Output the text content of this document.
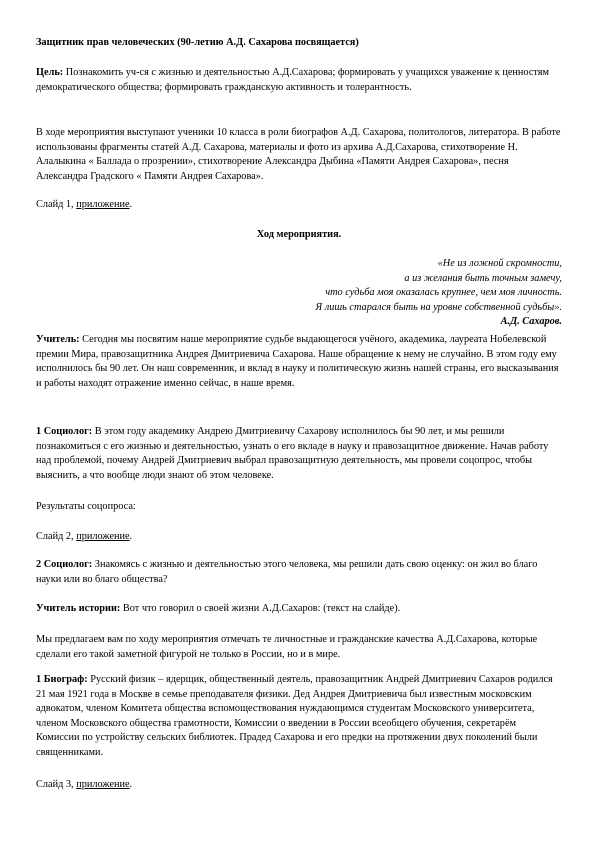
Защитник прав человеческих (90-летию А.Д. Сахарова посвящается)

Цель: Познакомить уч-ся с жизнью и деятельностью А.Д.Сахарова; формировать у учащихся уважение к ценностям демократического общества; формировать гражданскую активность и толерантность.

В ходе мероприятия выступают ученики 10 класса в роли биографов А.Д. Сахарова, политологов, литератора. В работе использованы фрагменты статей А.Д. Сахарова, материалы и фото из архива А.Д.Сахарова, стихотворение Н. Алалыкина « Баллада о прозрении», стихотворение Александра Дыбина «Памяти Андрея Сахарова», песня Александра Градского « Памяти Андрея Сахарова».

Слайд 1, приложение.

Ход мероприятия.

«Не из ложной скромности,
а из желания быть точным замечу,
что судьба моя оказалась крупнее, чем моя личность.
Я лишь старался быть на уровне собственной судьбы».
А.Д. Сахаров.

Учитель: Сегодня мы посвятим наше мероприятие судьбе выдающегося учёного, академика, лауреата Нобелевской премии Мира, правозащитника Андрея Дмитриевича Сахарова. Наше обращение к нему не случайно. В этом году ему исполнилось бы 90 лет. Он наш современник, и вклад в науку и политическую жизнь нашей страны, его высказывания и работы находят отражение именно сейчас, в наше время.

1 Социолог: В этом году академику Андрею Дмитриевичу Сахарову исполнилось бы 90 лет, и мы решили познакомиться с его жизнью и деятельностью, узнать о его вкладе в науку и правозащитное движение. Начав работу над проблемой, почему Андрей Дмитриевич выбрал правозащитную деятельность, мы провели соцопрос, чтобы выяснить, а что вообще люди знают об этом человеке.

Результаты соцопроса:

Слайд 2, приложение.

2 Социолог: Знакомясь с жизнью и деятельностью этого человека, мы решили дать свою оценку: он жил во благо науки или во благо общества?

Учитель истории: Вот что говорил о своей жизни А.Д.Сахаров: (текст на слайде).

Мы предлагаем вам по ходу мероприятия отмечать те личностные и гражданские качества А.Д.Сахарова, которые сделали его такой заметной фигурой не только в России, но и в мире.

1 Биограф: Русский физик – ядерщик, общественный деятель, правозащитник Андрей Дмитриевич Сахаров родился 21 мая 1921 года в Москве в семье преподавателя физики. Дед Андрея Дмитриевича был известным московским адвокатом, членом Комитета общества вспомоществования нуждающимся студентам Московского университета, членом Московского общества грамотности, Комиссии о введении в России всеобщего обучения, секретарём Комиссии по устройству сельских библиотек. Прадед Сахарова и его предки на протяжении двух поколений были священниками.

Слайд 3, приложение.
